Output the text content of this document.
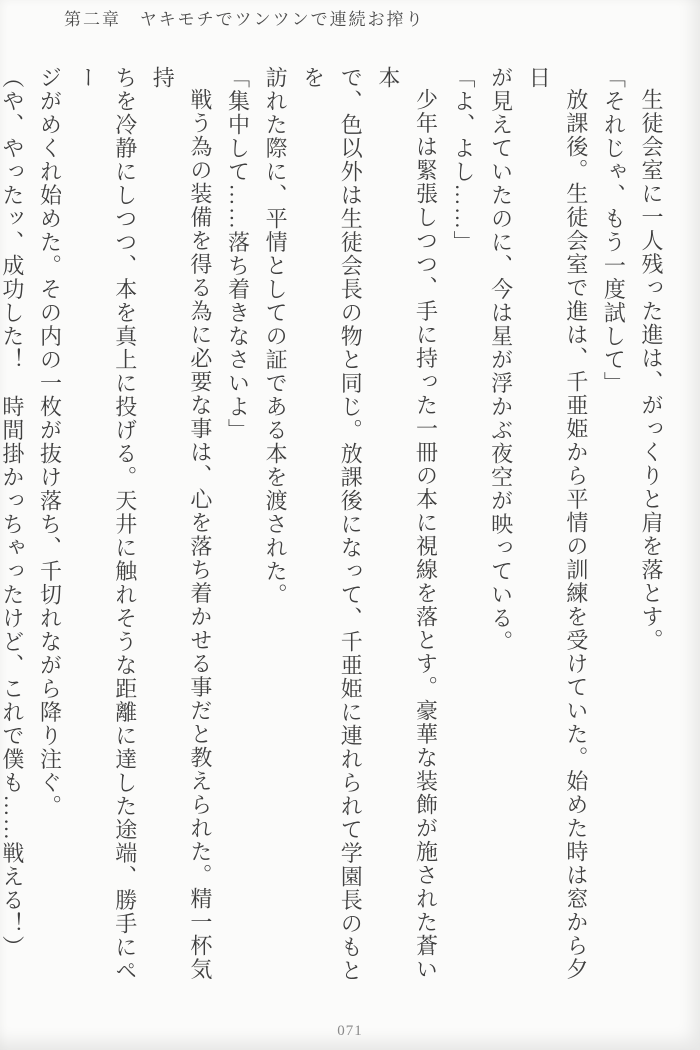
第二章 ヤキモチでツンツンで連続お搾り
生徒会室に一人残った進は、がっくりと肩を落とす。
「それじゃ、もう一度試して」
放課後。生徒会室で進は、千亜姫から平情の訓練を受けていた。始めた時は窓から夕日
が見えていたのに、今は星が浮かぶ夜空が映っている。
「よ、よし……」
少年は緊張しつつ、手に持った一冊の本に視線を落とす。豪華な装飾が施された蒼い本
で、色以外は生徒会長の物と同じ。放課後になって、千亜姫に連れられて学園長のもとを
訪れた際に、平情としての証である本を渡された。
「集中して……落ち着きなさいよ」
戦う為の装備を得る為に必要な事は、心を落ち着かせる事だと教えられた。精一杯気持
ちを冷静にしつつ、本を真上に投げる。天井に触れそうな距離に達した途端、勝手にペー
ジがめくれ始めた。その内の一枚が抜け落ち、千切れながら降り注ぐ。
（や、やったッ、成功した！　時間掛かっちゃったけど、これで僕も……戦える！）
071
